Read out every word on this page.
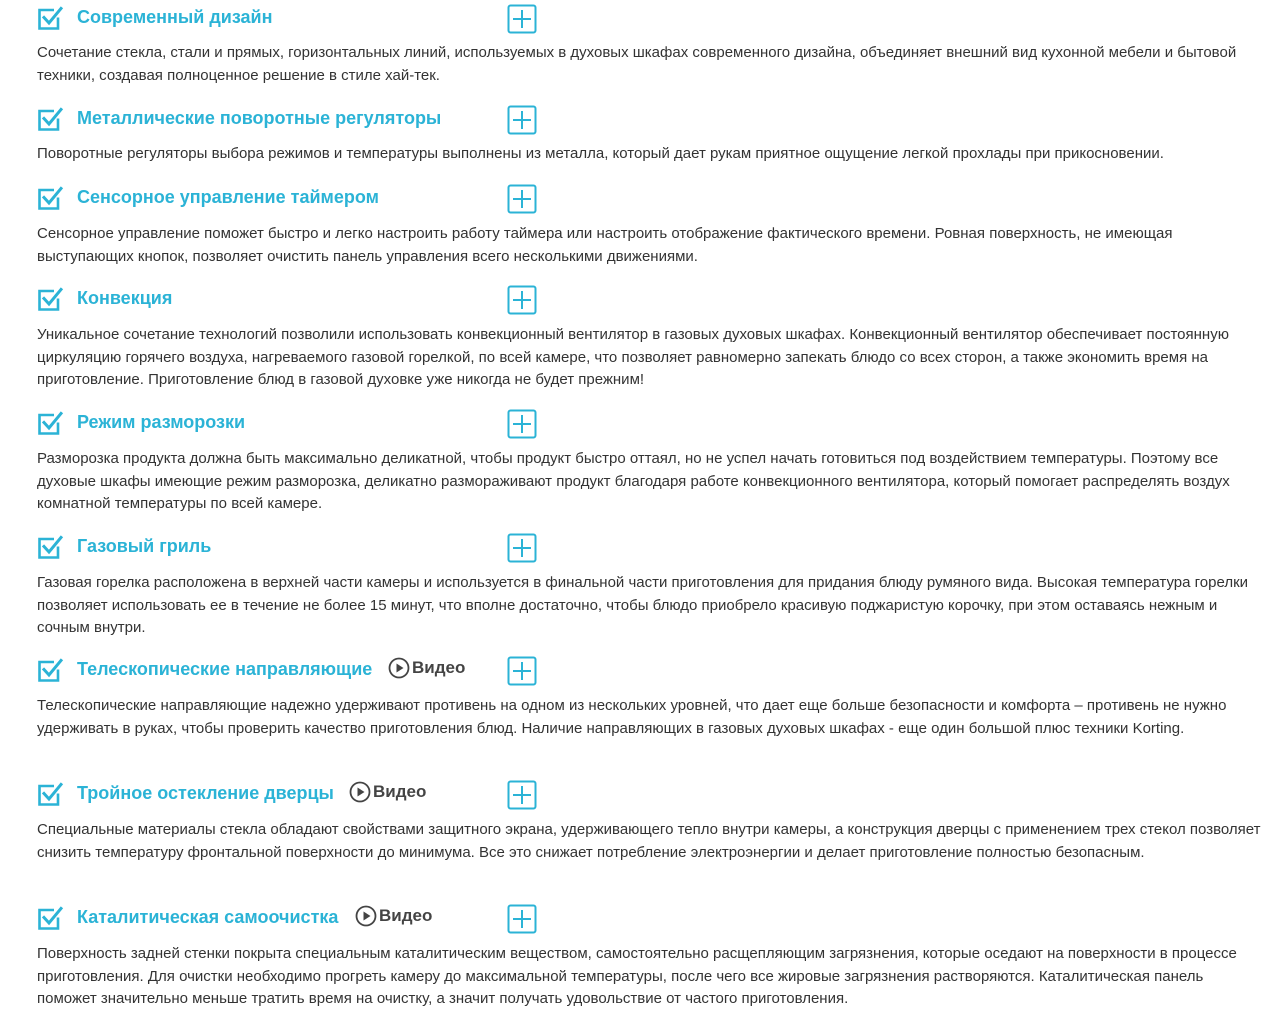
Современный дизайн

Сочетание стекла, стали и прямых, горизонтальных линий, используемых в духовых шкафах современного дизайна, объединяет внешний вид кухонной мебели и бытовой техники, создавая полноценное решение в стиле хай-тек.

Металлические поворотные регуляторы

Поворотные регуляторы выбора режимов и температуры выполнены из металла, который дает рукам приятное ощущение легкой прохлады при прикосновении.

Сенсорное управление таймером

Сенсорное управление поможет быстро и легко настроить работу таймера или настроить отображение фактического времени. Ровная поверхность, не имеющая выступающих кнопок, позволяет очистить панель управления всего несколькими движениями.

Конвекция

Уникальное сочетание технологий позволили использовать конвекционный вентилятор в газовых духовых шкафах. Конвекционный вентилятор обеспечивает постоянную циркуляцию горячего воздуха, нагреваемого газовой горелкой, по всей камере, что позволяет равномерно запекать блюдо со всех сторон, а также экономить время на приготовление. Приготовление блюд в газовой духовке уже никогда не будет прежним!

Режим разморозки

Разморозка продукта должна быть максимально деликатной, чтобы продукт быстро оттаял, но не успел начать готовиться под воздействием температуры. Поэтому все духовые шкафы имеющие режим разморозка, деликатно размораживают продукт благодаря работе конвекционного вентилятора, который помогает распределять воздух комнатной температуры по всей камере.

Газовый гриль

Газовая горелка расположена в верхней части камеры и используется в финальной части приготовления для придания блюду румяного вида. Высокая температура горелки позволяет использовать ее в течение не более 15 минут, что вполне достаточно, чтобы блюдо приобрело красивую поджаристую корочку, при этом оставаясь нежным и сочным внутри.

Телескопические направляющие Видео

Телескопические направляющие надежно удерживают противень на одном из нескольких уровней, что дает еще больше безопасности и комфорта – противень не нужно удерживать в руках, чтобы проверить качество приготовления блюд. Наличие направляющих в газовых духовых шкафах - еще один большой плюс техники Korting.

Тройное остекление дверцы Видео

Специальные материалы стекла обладают свойствами защитного экрана, удерживающего тепло внутри камеры, а конструкция дверцы с применением трех стекол позволяет снизить температуру фронтальной поверхности до минимума. Все это снижает потребление электроэнергии и делает приготовление полностью безопасным.

Каталитическая самоочистка Видео

Поверхность задней стенки покрыта специальным каталитическим веществом, самостоятельно расщепляющим загрязнения, которые оседают на поверхности в процессе приготовления. Для очистки необходимо прогреть камеру до максимальной температуры, после чего все жировые загрязнения растворяются. Каталитическая панель поможет значительно меньше тратить время на очистку, а значит получать удовольствие от частого приготовления.
